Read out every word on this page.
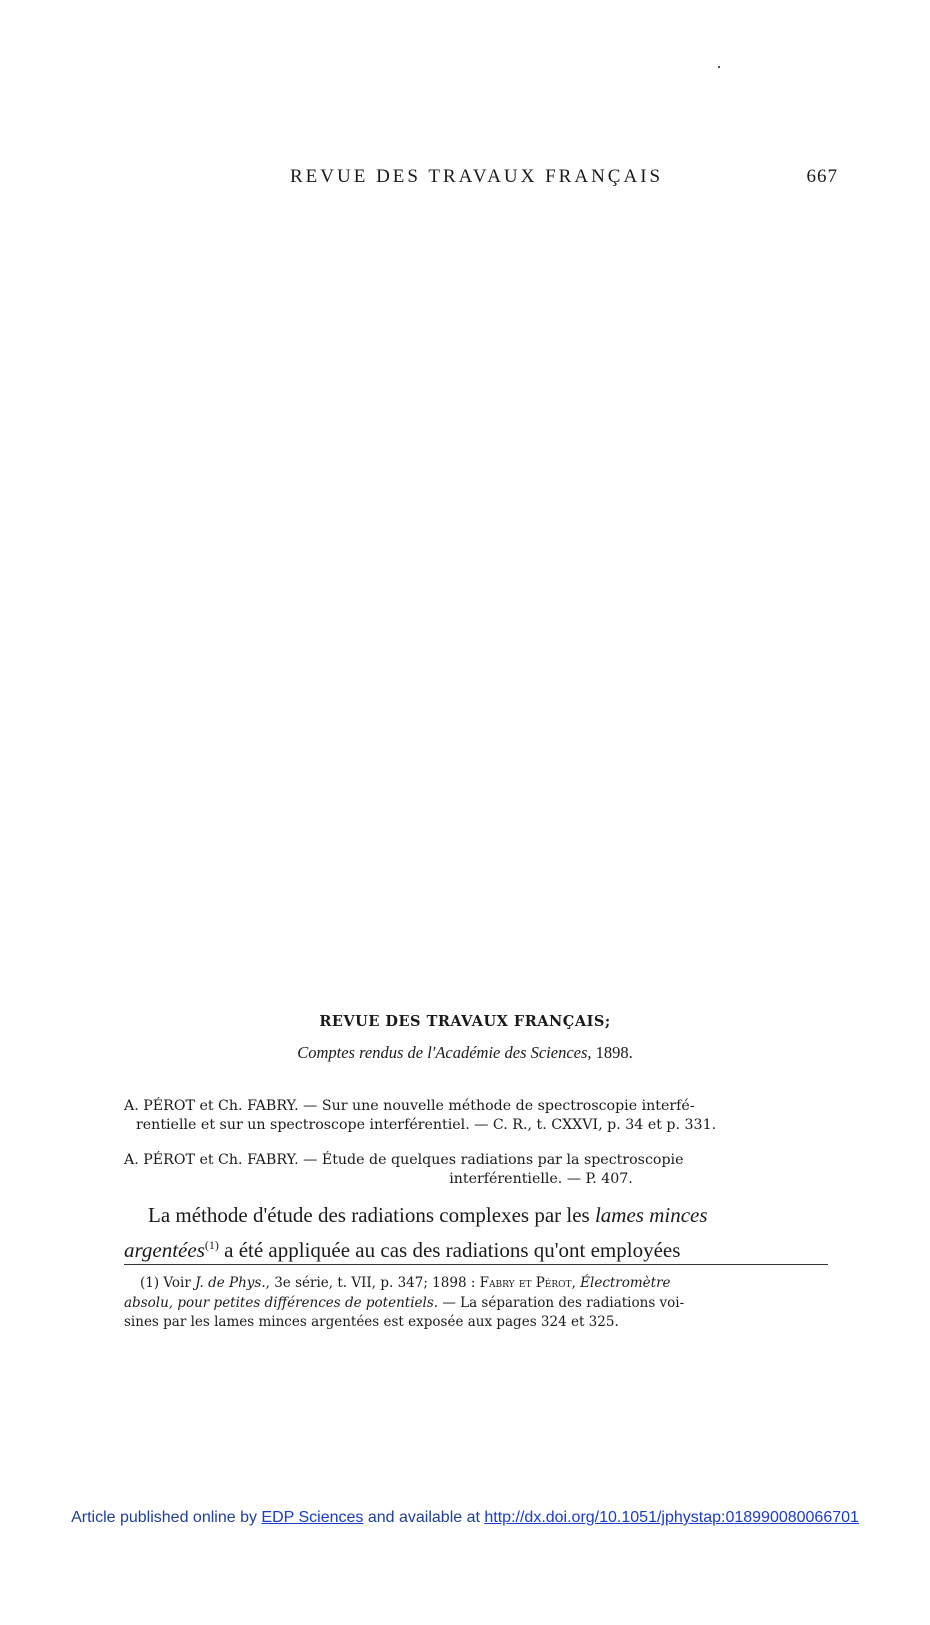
REVUE DES TRAVAUX FRANÇAIS	667
REVUE DES TRAVAUX FRANÇAIS;
Comptes rendus de l'Académie des Sciences, 1898.
A. PÉROT et Ch. FABRY. — Sur une nouvelle méthode de spectroscopie interfé-
rentielle et sur un spectroscope interférentiel. — C. R., t. CXXVI, p. 34 et p. 331.
A. PÉROT et Ch. FABRY. — Étude de quelques radiations par la spectroscopie
interférentielle. — P. 407.
La méthode d'étude des radiations complexes par les lames minces
argentées$^{(1)}$ a été appliquée au cas des radiations qu'ont employées
(1) Voir J. de Phys., 3e série, t. VII, p. 347; 1898 : Fabry et Pérot, Électromètre
absolu, pour petites différences de potentiels. — La séparation des radiations voi-
sines par les lames minces argentées est exposée aux pages 324 et 325.
Article published online by EDP Sciences and available at http://dx.doi.org/10.1051/jphystap:018990080066701
